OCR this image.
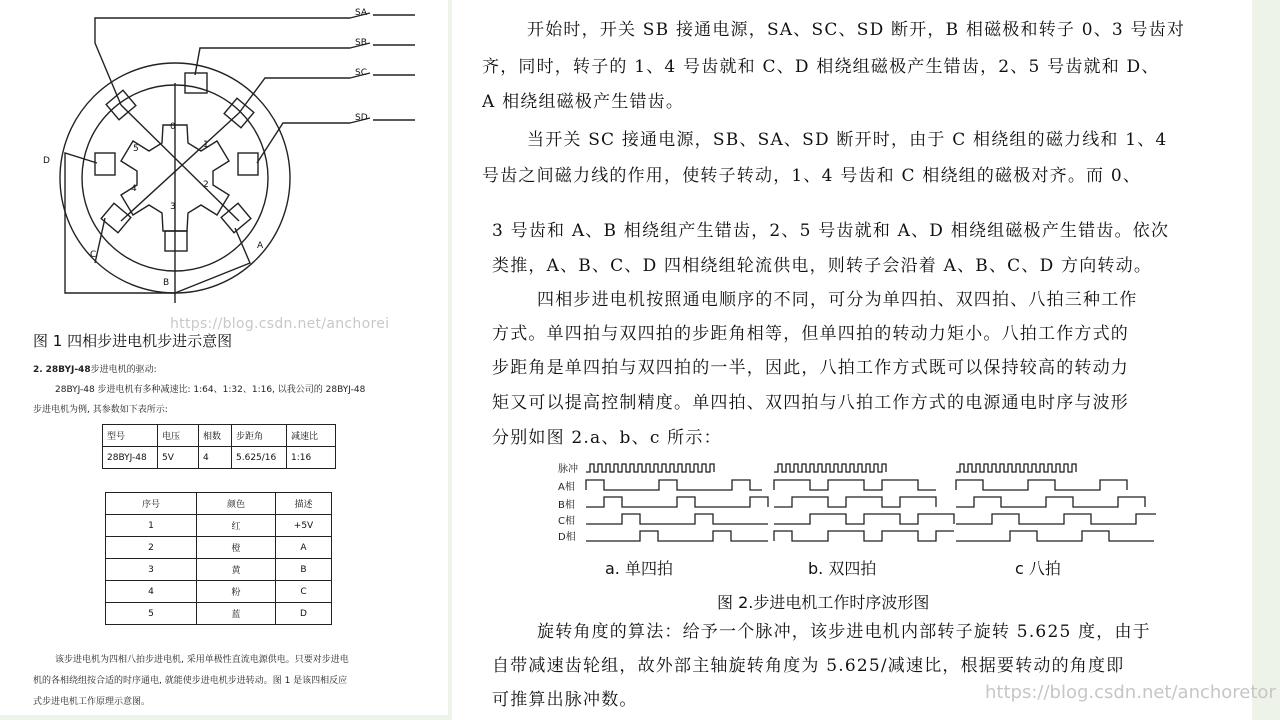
SA
SB
SC
SD
A
B
C
D
0
1
2
3
4
5
https://blog.csdn.net/anchorei
图 1 四相步进电机步进示意图
2. 28BYJ-48步进电机的驱动:
28BYJ-48 步进电机有多种减速比: 1:64、1:32、1:16, 以我公司的 28BYJ-48
步进电机为例, 其参数如下表所示:
型号	电压	相数	步距角	减速比
28BYJ-48	5V	4	5.625/16	1:16
序号	颜色	描述
1	红	+5V
2	橙	A
3	黄	B
4	粉	C
5	蓝	D
该步进电机为四相八拍步进电机, 采用单极性直流电源供电。只要对步进电
机的各相绕组按合适的时序通电, 就能使步进电机步进转动。图 1 是该四相反应
式步进电机工作原理示意图。
开始时，开关 SB 接通电源，SA、SC、SD 断开，B 相磁极和转子 0、3 号齿对
齐，同时，转子的 1、4 号齿就和 C、D 相绕组磁极产生错齿，2、5 号齿就和 D、
A 相绕组磁极产生错齿。
当开关 SC 接通电源，SB、SA、SD 断开时，由于 C 相绕组的磁力线和 1、4
号齿之间磁力线的作用，使转子转动，1、4 号齿和 C 相绕组的磁极对齐。而 0、
3 号齿和 A、B 相绕组产生错齿，2、5 号齿就和 A、D 相绕组磁极产生错齿。依次
类推，A、B、C、D 四相绕组轮流供电，则转子会沿着 A、B、C、D 方向转动。
四相步进电机按照通电顺序的不同，可分为单四拍、双四拍、八拍三种工作
方式。单四拍与双四拍的步距角相等，但单四拍的转动力矩小。八拍工作方式的
步距角是单四拍与双四拍的一半，因此，八拍工作方式既可以保持较高的转动力
矩又可以提高控制精度。单四拍、双四拍与八拍工作方式的电源通电时序与波形
分别如图 2.a、b、c 所示：
脉冲
A相
B相
C相
D相
a. 单四拍	b. 双四拍	c 八拍
图 2.步进电机工作时序波形图
旋转角度的算法：给予一个脉冲，该步进电机内部转子旋转 5.625 度，由于
自带减速齿轮组，故外部主轴旋转角度为 5.625/减速比，根据要转动的角度即
可推算出脉冲数。	https://blog.csdn.net/anchoretor
